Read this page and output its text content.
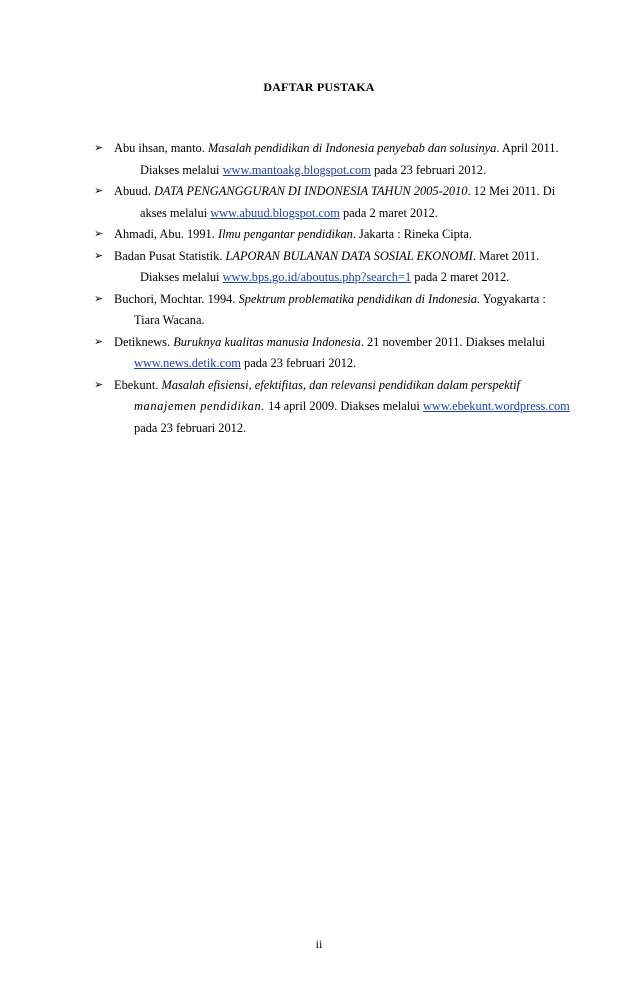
DAFTAR PUSTAKA
➢ Abu ihsan, manto. Masalah pendidikan di Indonesia penyebab dan solusinya. April 2011.
Diakses melalui www.mantoakg.blogspot.com pada 23 februari 2012.
➢ Abuud. DATA PENGANGGURAN DI INDONESIA TAHUN 2005-2010. 12 Mei 2011. Di
akses melalui www.abuud.blogspot.com pada 2 maret 2012.
➢ Ahmadi, Abu. 1991. Ilmu pengantar pendidikan. Jakarta : Rineka Cipta.
➢ Badan Pusat Statistik. LAPORAN BULANAN DATA SOSIAL EKONOMI. Maret 2011.
Diakses melalui www.bps.go.id/aboutus.php?search=1 pada 2 maret 2012.
➢ Buchori, Mochtar. 1994. Spektrum problematika pendidikan di Indonesia. Yogyakarta :
Tiara Wacana.
➢ Detiknews. Buruknya kualitas manusia Indonesia. 21 november 2011. Diakses melalui
www.news.detik.com pada 23 februari 2012.
➢ Ebekunt. Masalah efisiensi, efektifitas, dan relevansi pendidikan dalam perspektif
manajemen pendidikan. 14 april 2009. Diakses melalui www.ebekunt.wordpress.com
pada 23 februari 2012.
ii
